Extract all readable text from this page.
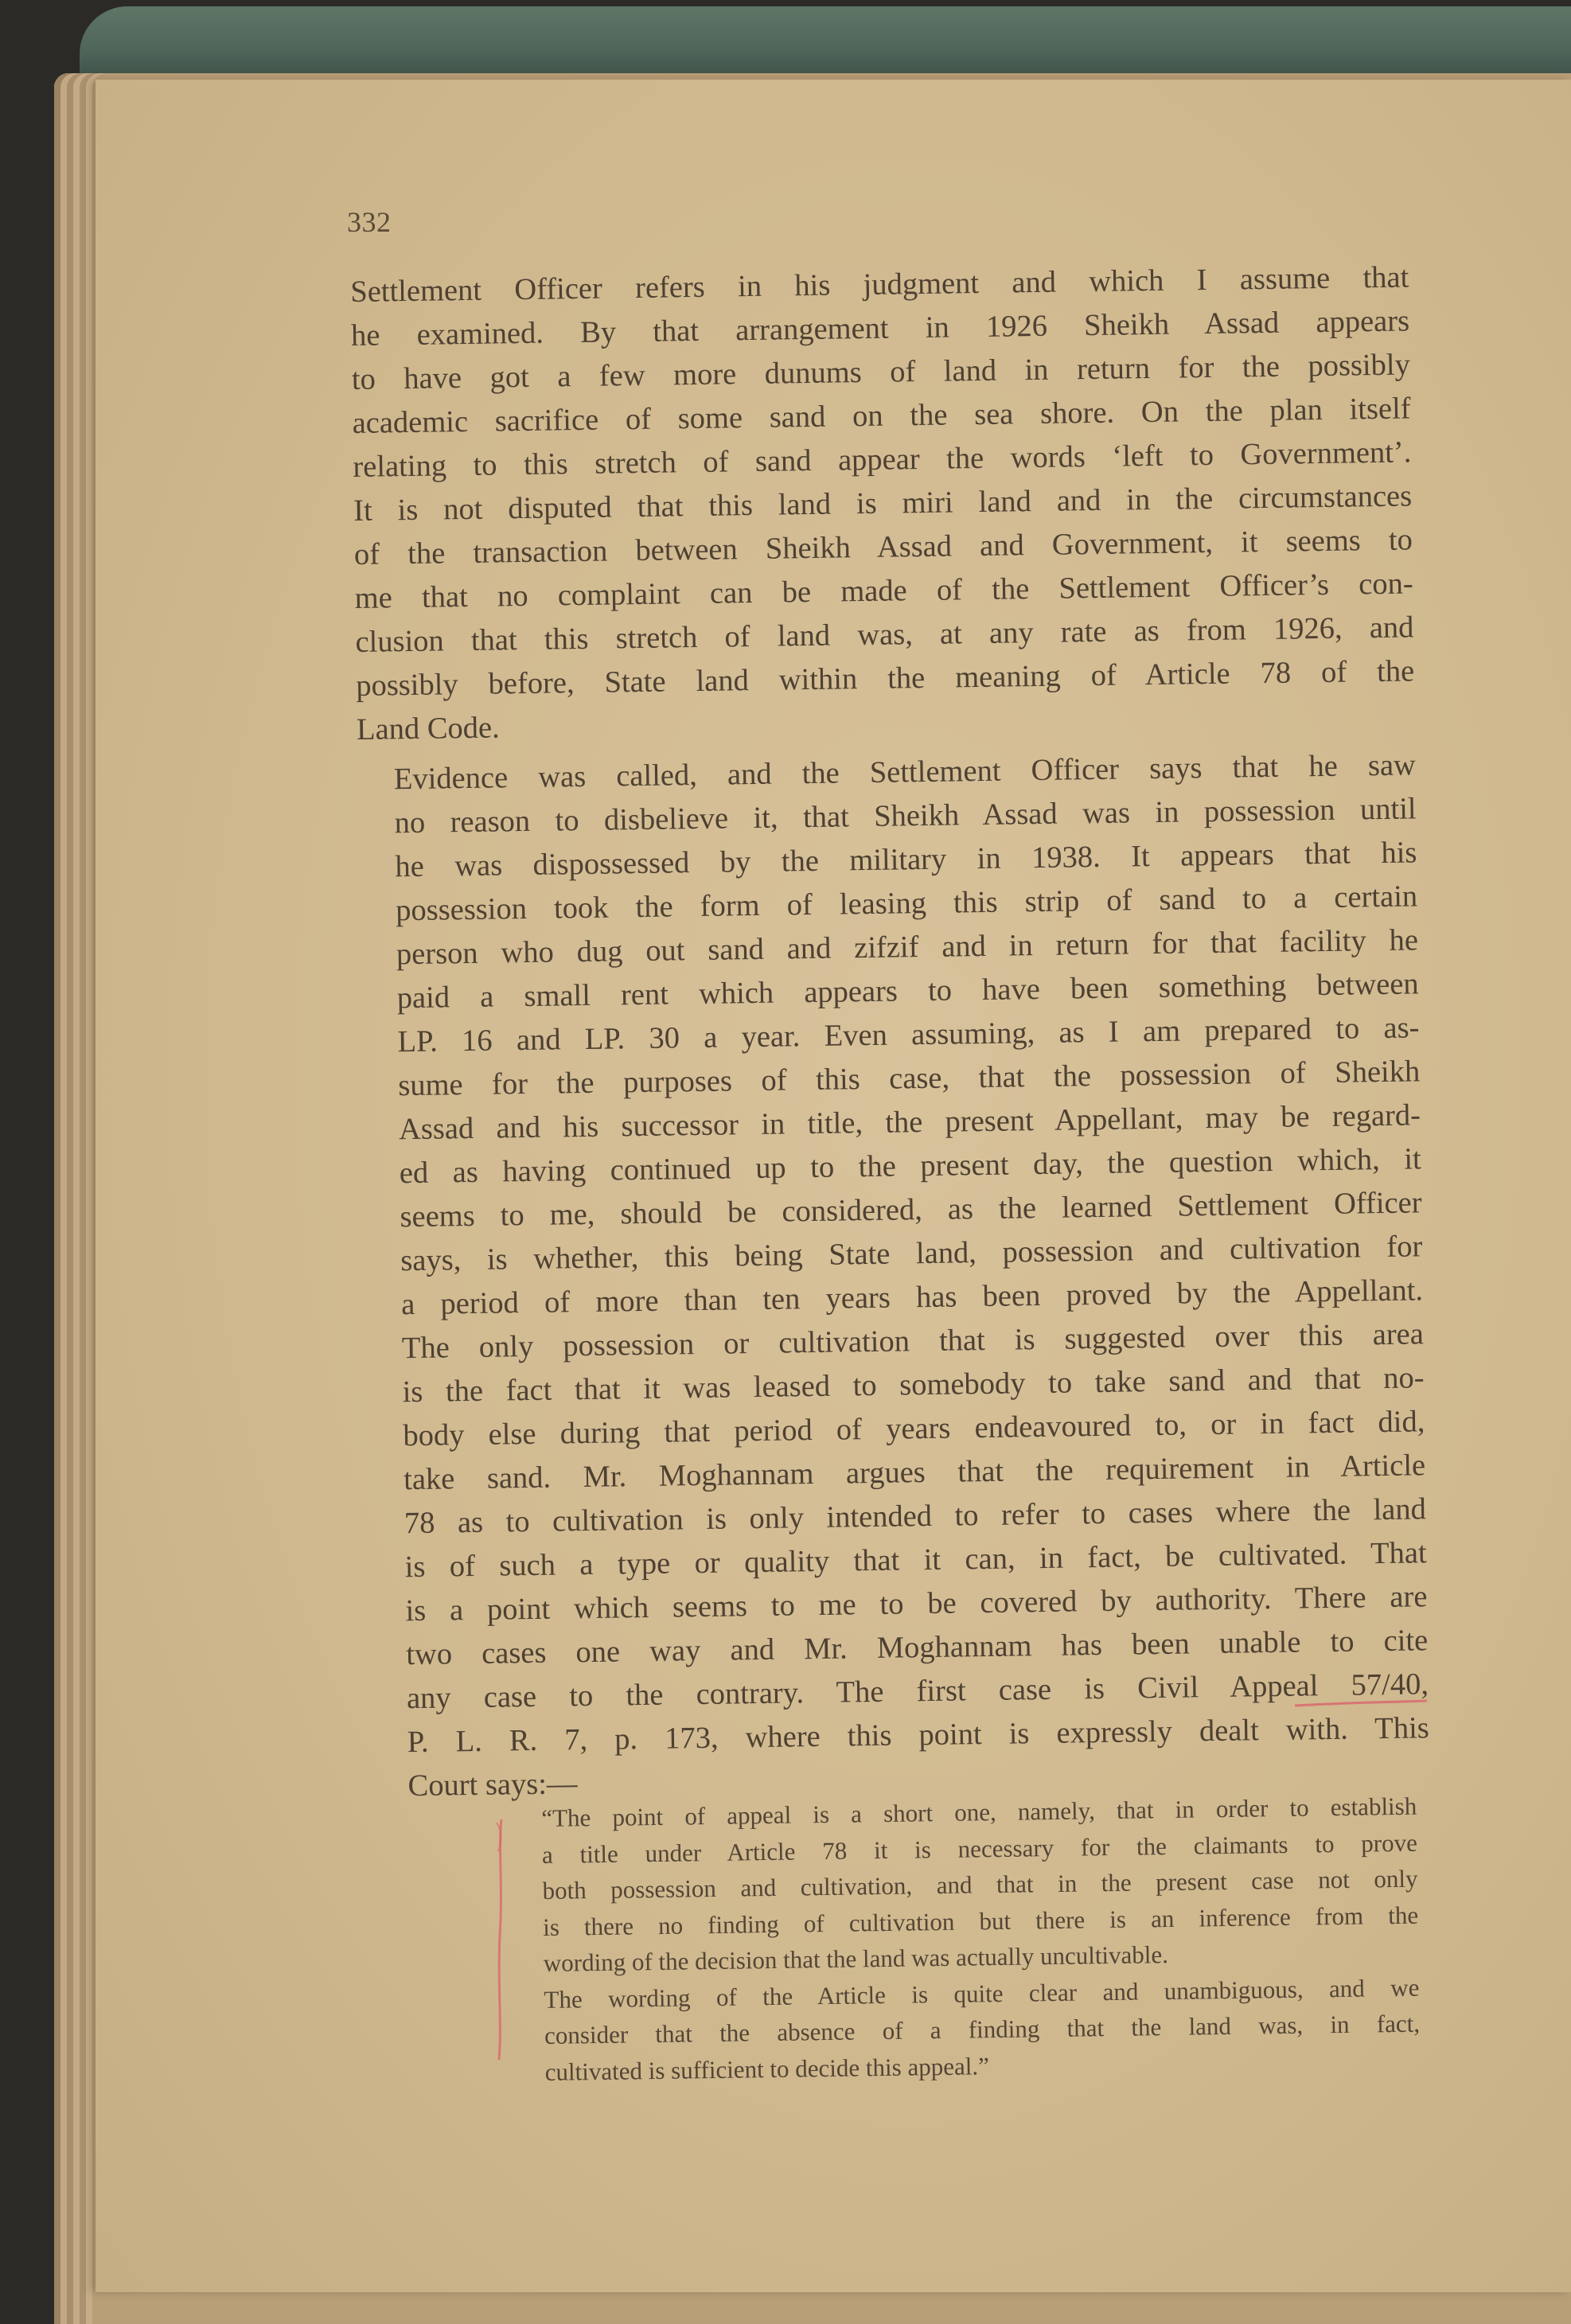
332

Settlement Officer refers in his judgment and which I assume that
he examined. By that arrangement in 1926 Sheikh Assad appears
to have got a few more dunums of land in return for the possibly
academic sacrifice of some sand on the sea shore. On the plan itself
relating to this stretch of sand appear the words ‘left to Government’.
It is not disputed that this land is miri land and in the circumstances
of the transaction between Sheikh Assad and Government, it seems to
me that no complaint can be made of the Settlement Officer’s con-
clusion that this stretch of land was, at any rate as from 1926, and
possibly before, State land within the meaning of Article 78 of the
Land Code.

Evidence was called, and the Settlement Officer says that he saw
no reason to disbelieve it, that Sheikh Assad was in possession until
he was dispossessed by the military in 1938. It appears that his
possession took the form of leasing this strip of sand to a certain
person who dug out sand and zifzif and in return for that facility he
paid a small rent which appears to have been something between
LP. 16 and LP. 30 a year. Even assuming, as I am prepared to as-
sume for the purposes of this case, that the possession of Sheikh
Assad and his successor in title, the present Appellant, may be regard-
ed as having continued up to the present day, the question which, it
seems to me, should be considered, as the learned Settlement Officer
says, is whether, this being State land, possession and cultivation for
a period of more than ten years has been proved by the Appellant.
The only possession or cultivation that is suggested over this area
is the fact that it was leased to somebody to take sand and that no-
body else during that period of years endeavoured to, or in fact did,
take sand. Mr. Moghannam argues that the requirement in Article
78 as to cultivation is only intended to refer to cases where the land
is of such a type or quality that it can, in fact, be cultivated. That
is a point which seems to me to be covered by authority. There are
two cases one way and Mr. Moghannam has been unable to cite
any case to the contrary. The first case is Civil Appeal 57/40,
P. L. R. 7, p. 173, where this point is expressly dealt with. This
Court says:—

“The point of appeal is a short one, namely, that in order to establish
a title under Article 78 it is necessary for the claimants to prove
both possession and cultivation, and that in the present case not only
is there no finding of cultivation but there is an inference from the
wording of the decision that the land was actually uncultivable.
The wording of the Article is quite clear and unambiguous, and we
consider that the absence of a finding that the land was, in fact,
cultivated is sufficient to decide this appeal.”
